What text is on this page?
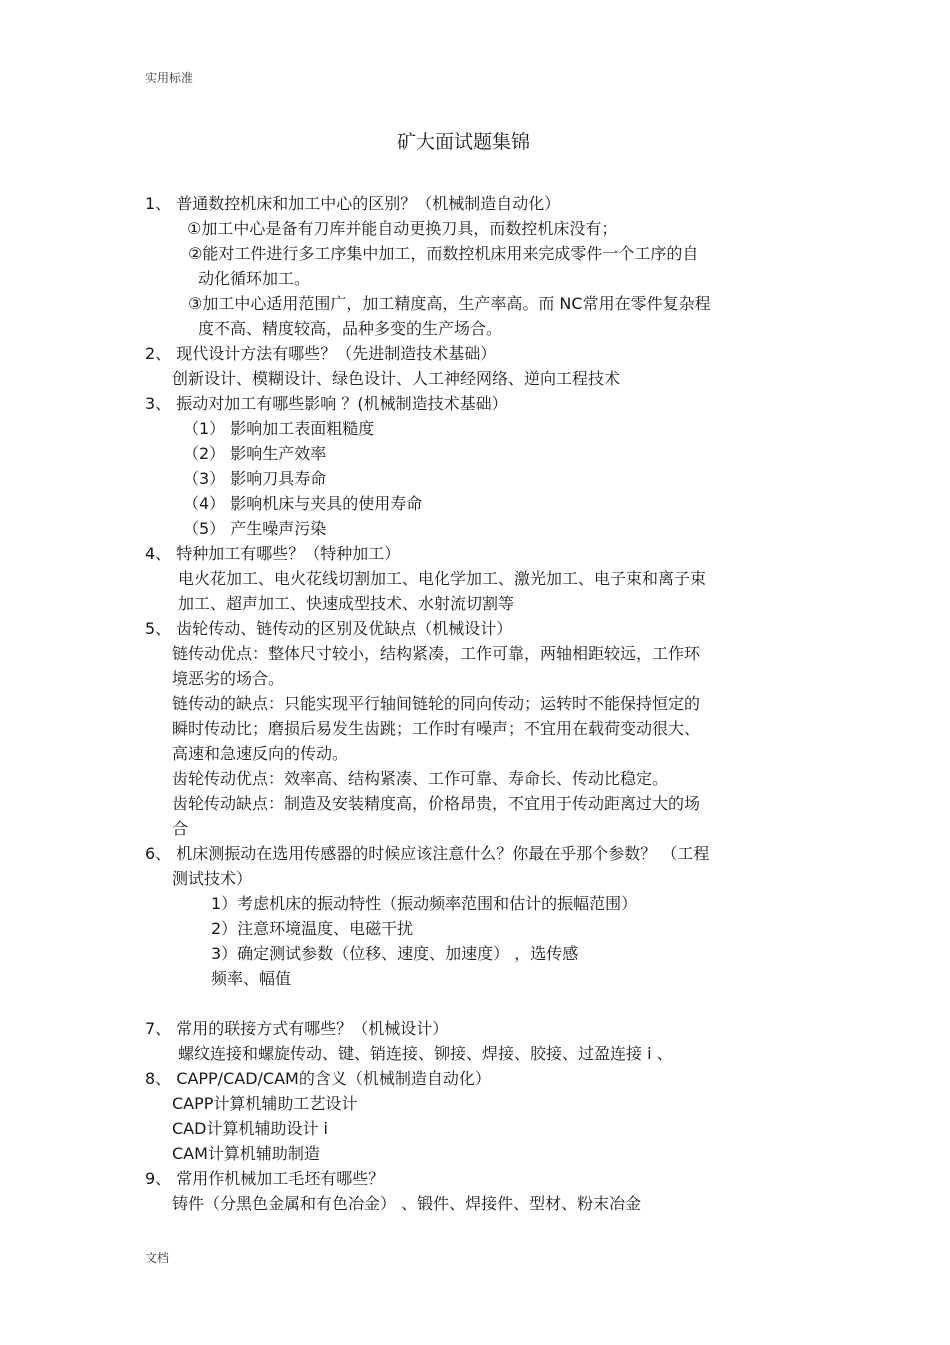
实用标准
矿大面试题集锦
1、 普通数控机床和加工中心的区别？（机械制造自动化）
①加工中心是备有刀库并能自动更换刀具，而数控机床没有；
②能对工件进行多工序集中加工，而数控机床用来完成零件一个工序的自
动化循环加工。
③加工中心适用范围广，加工精度高，生产率高。而 NC常用在零件复杂程
度不高、精度较高，品种多变的生产场合。
2、 现代设计方法有哪些？（先进制造技术基础）
创新设计、模糊设计、绿色设计、人工神经网络、逆向工程技术
3、 振动对加工有哪些影响 ？(机械制造技术基础）
（1） 影响加工表面粗糙度
（2） 影响生产效率
（3） 影响刀具寿命
（4） 影响机床与夹具的使用寿命
（5） 产生噪声污染
4、 特种加工有哪些？（特种加工）
电火花加工、电火花线切割加工、电化学加工、激光加工、电子束和离子束
加工、超声加工、快速成型技术、水射流切割等
5、 齿轮传动、链传动的区别及优缺点（机械设计）
链传动优点：整体尺寸较小，结构紧凑，工作可靠，两轴相距较远，工作环
境恶劣的场合。
链传动的缺点：只能实现平行轴间链轮的同向传动；运转时不能保持恒定的
瞬时传动比；磨损后易发生齿跳；工作时有噪声；不宜用在载荷变动很大、
高速和急速反向的传动。
齿轮传动优点：效率高、结构紧凑、工作可靠、寿命长、传动比稳定。
齿轮传动缺点：制造及安装精度高，价格昂贵，不宜用于传动距离过大的场
合
6、 机床测振动在选用传感器的时候应该注意什么？你最在乎那个参数？ （工程
测试技术）
1）考虑机床的振动特性（振动频率范围和估计的振幅范围）
2）注意环境温度、电磁干扰
3）确定测试参数（位移、速度、加速度） ，选传感
频率、幅值
7、 常用的联接方式有哪些？（机械设计）
螺纹连接和螺旋传动、键、销连接、铆接、焊接、胶接、过盈连接 i 、
8、 CAPP/CAD/CAM的含义（机械制造自动化）
CAPP计算机辅助工艺设计
CAD计算机辅助设计 i
CAM计算机辅助制造
9、 常用作机械加工毛坯有哪些？
铸件（分黑色金属和有色冶金） 、锻件、焊接件、型材、粉末冶金
文档
